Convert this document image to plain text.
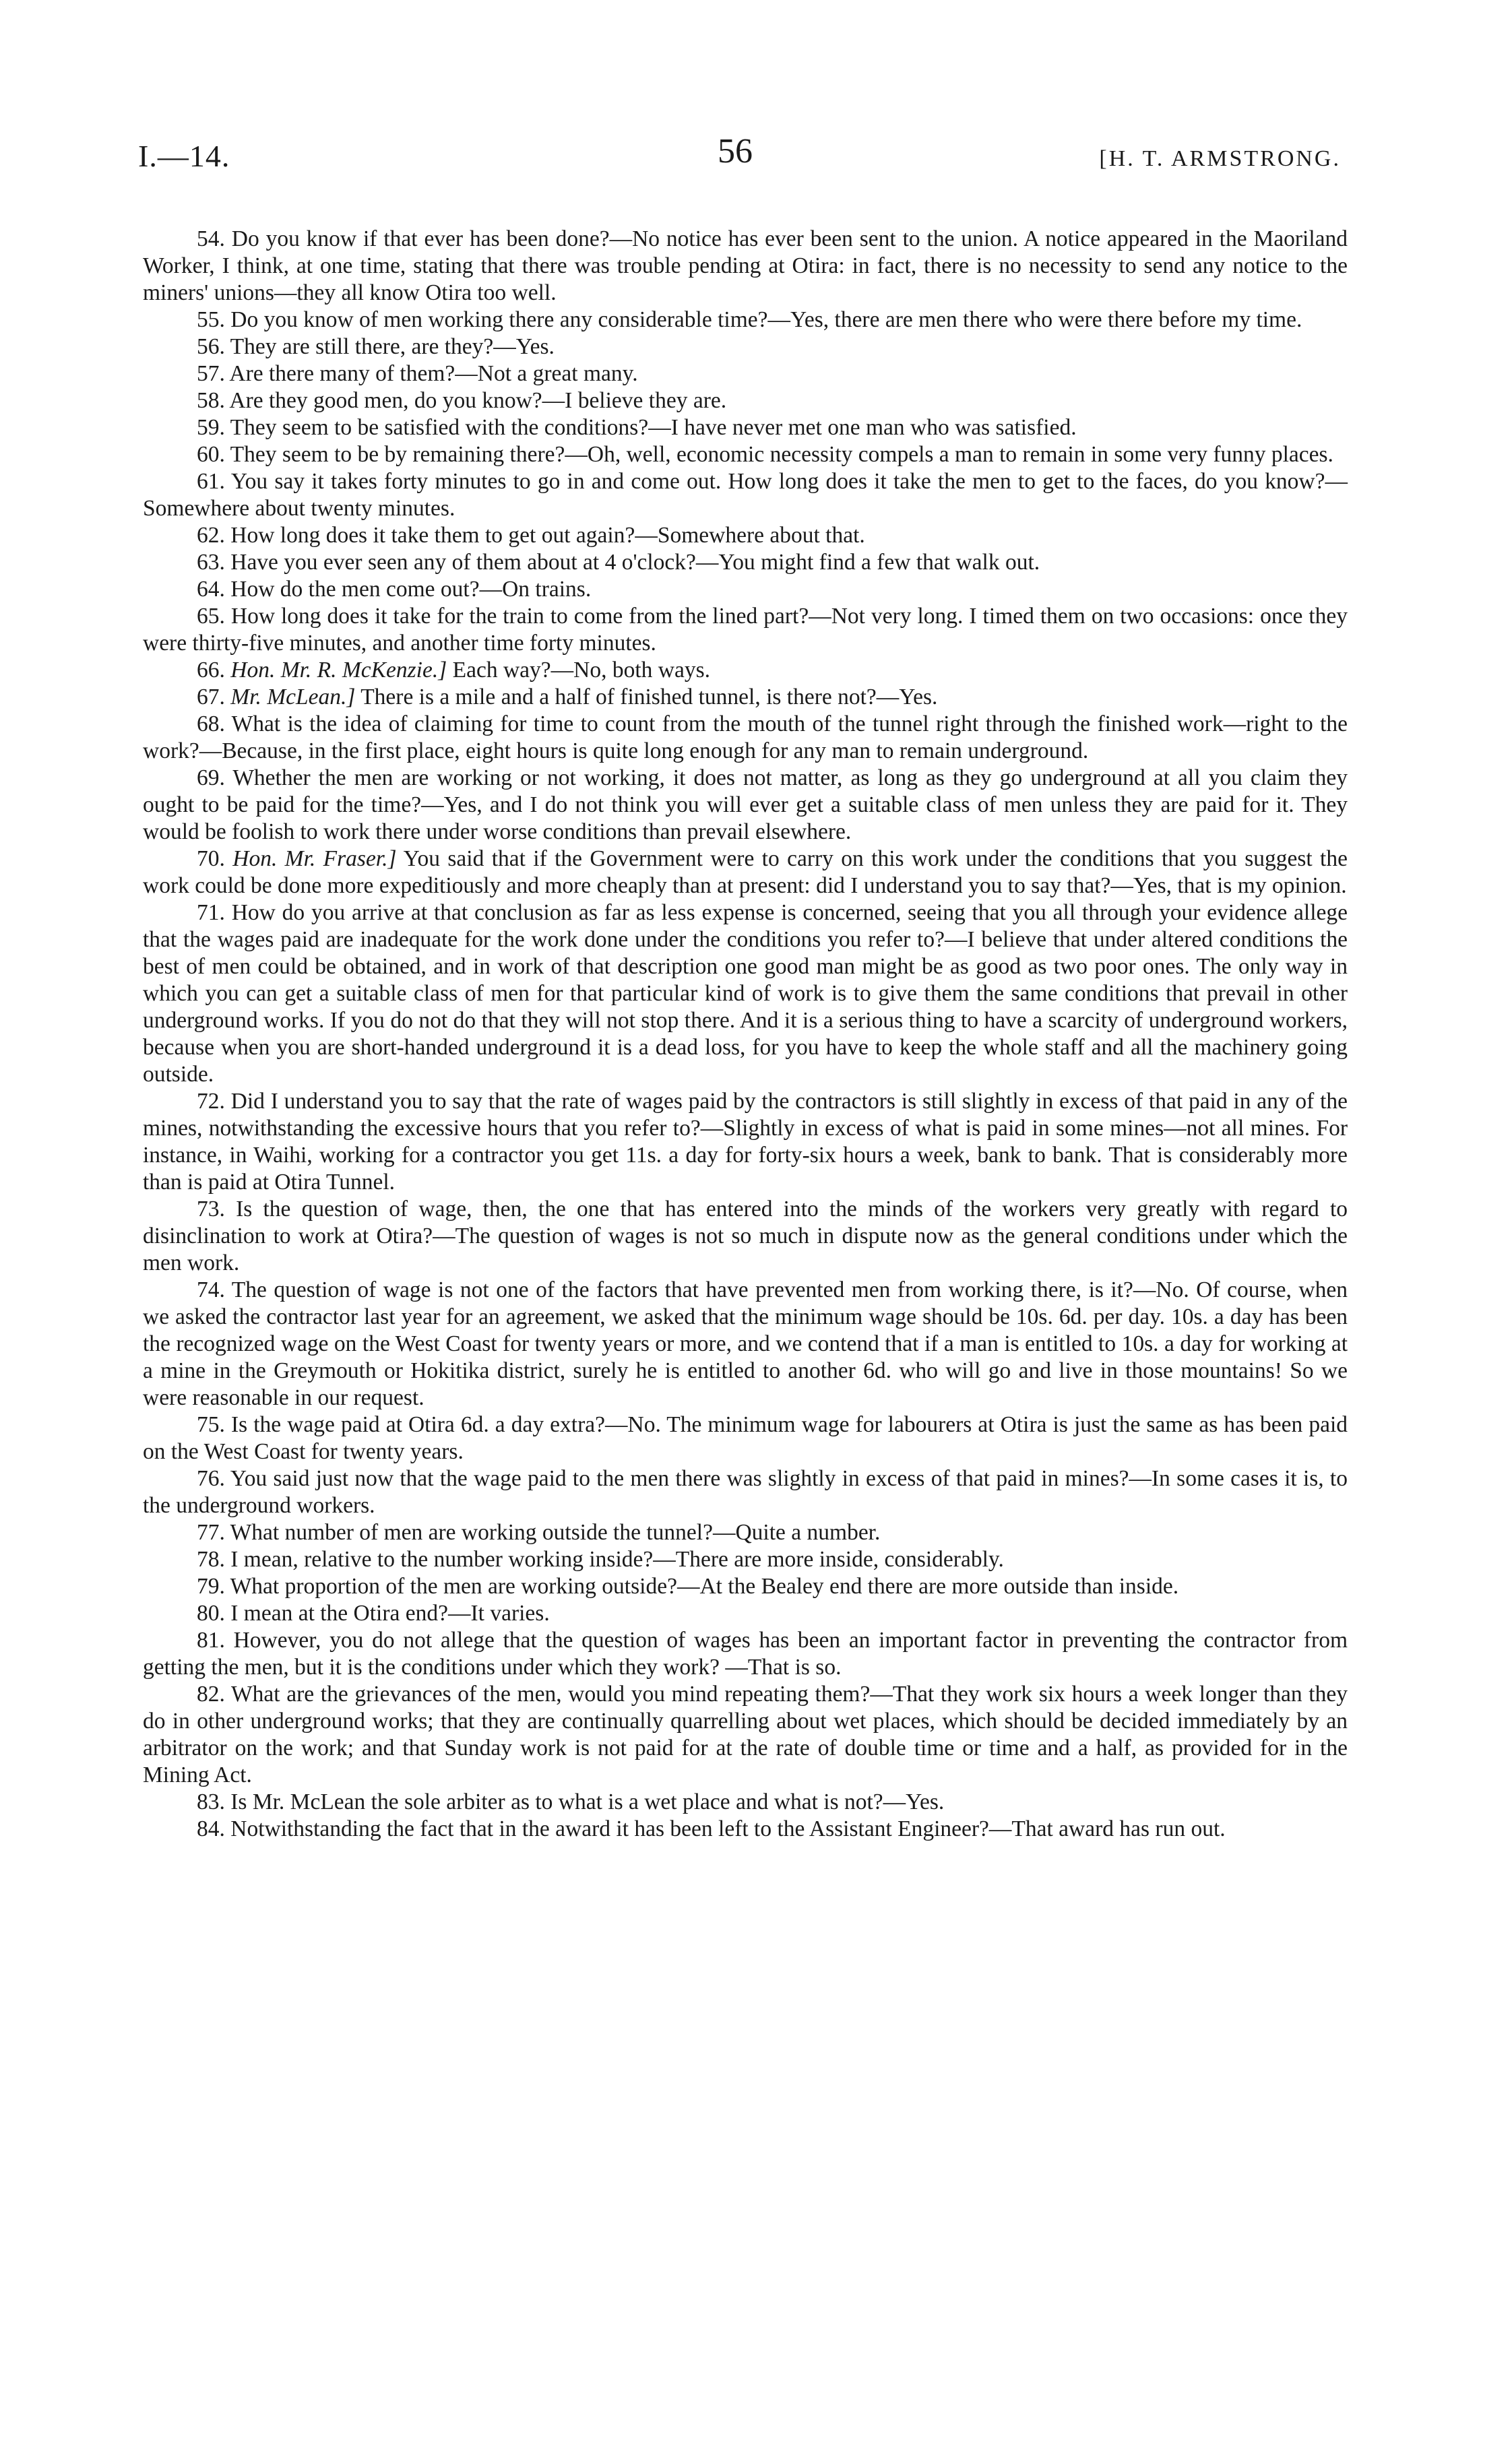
I.—14.	56	[H. T. ARMSTRONG.

54. Do you know if that ever has been done?—No notice has ever been sent to the union. A notice appeared in the Maoriland Worker, I think, at one time, stating that there was trouble pending at Otira: in fact, there is no necessity to send any notice to the miners' unions—they all know Otira too well.

55. Do you know of men working there any considerable time?—Yes, there are men there who were there before my time.

56. They are still there, are they?—Yes.

57. Are there many of them?—Not a great many.

58. Are they good men, do you know?—I believe they are.

59. They seem to be satisfied with the conditions?—I have never met one man who was satisfied.

60. They seem to be by remaining there?—Oh, well, economic necessity compels a man to remain in some very funny places.

61. You say it takes forty minutes to go in and come out. How long does it take the men to get to the faces, do you know?—Somewhere about twenty minutes.

62. How long does it take them to get out again?—Somewhere about that.

63. Have you ever seen any of them about at 4 o'clock?—You might find a few that walk out.

64. How do the men come out?—On trains.

65. How long does it take for the train to come from the lined part?—Not very long. I timed them on two occasions: once they were thirty-five minutes, and another time forty minutes.

66. Hon. Mr. R. McKenzie.] Each way?—No, both ways.

67. Mr. McLean.] There is a mile and a half of finished tunnel, is there not?—Yes.

68. What is the idea of claiming for time to count from the mouth of the tunnel right through the finished work—right to the work?—Because, in the first place, eight hours is quite long enough for any man to remain underground.

69. Whether the men are working or not working, it does not matter, as long as they go underground at all you claim they ought to be paid for the time?—Yes, and I do not think you will ever get a suitable class of men unless they are paid for it. They would be foolish to work there under worse conditions than prevail elsewhere.

70. Hon. Mr. Fraser.] You said that if the Government were to carry on this work under the conditions that you suggest the work could be done more expeditiously and more cheaply than at present: did I understand you to say that?—Yes, that is my opinion.

71. How do you arrive at that conclusion as far as less expense is concerned, seeing that you all through your evidence allege that the wages paid are inadequate for the work done under the conditions you refer to?—I believe that under altered conditions the best of men could be obtained, and in work of that description one good man might be as good as two poor ones. The only way in which you can get a suitable class of men for that particular kind of work is to give them the same conditions that prevail in other underground works. If you do not do that they will not stop there. And it is a serious thing to have a scarcity of underground workers, because when you are short-handed underground it is a dead loss, for you have to keep the whole staff and all the machinery going outside.

72. Did I understand you to say that the rate of wages paid by the contractors is still slightly in excess of that paid in any of the mines, notwithstanding the excessive hours that you refer to?—Slightly in excess of what is paid in some mines—not all mines. For instance, in Waihi, working for a contractor you get 11s. a day for forty-six hours a week, bank to bank. That is considerably more than is paid at Otira Tunnel.

73. Is the question of wage, then, the one that has entered into the minds of the workers very greatly with regard to disinclination to work at Otira?—The question of wages is not so much in dispute now as the general conditions under which the men work.

74. The question of wage is not one of the factors that have prevented men from working there, is it?—No. Of course, when we asked the contractor last year for an agreement, we asked that the minimum wage should be 10s. 6d. per day. 10s. a day has been the recognized wage on the West Coast for twenty years or more, and we contend that if a man is entitled to 10s. a day for working at a mine in the Greymouth or Hokitika district, surely he is entitled to another 6d. who will go and live in those mountains! So we were reasonable in our request.

75. Is the wage paid at Otira 6d. a day extra?—No. The minimum wage for labourers at Otira is just the same as has been paid on the West Coast for twenty years.

76. You said just now that the wage paid to the men there was slightly in excess of that paid in mines?—In some cases it is, to the underground workers.

77. What number of men are working outside the tunnel?—Quite a number.

78. I mean, relative to the number working inside?—There are more inside, considerably.

79. What proportion of the men are working outside?—At the Bealey end there are more outside than inside.

80. I mean at the Otira end?—It varies.

81. However, you do not allege that the question of wages has been an important factor in preventing the contractor from getting the men, but it is the conditions under which they work? —That is so.

82. What are the grievances of the men, would you mind repeating them?—That they work six hours a week longer than they do in other underground works; that they are continually quarrelling about wet places, which should be decided immediately by an arbitrator on the work; and that Sunday work is not paid for at the rate of double time or time and a half, as provided for in the Mining Act.

83. Is Mr. McLean the sole arbiter as to what is a wet place and what is not?—Yes.

84. Notwithstanding the fact that in the award it has been left to the Assistant Engineer?—That award has run out.
